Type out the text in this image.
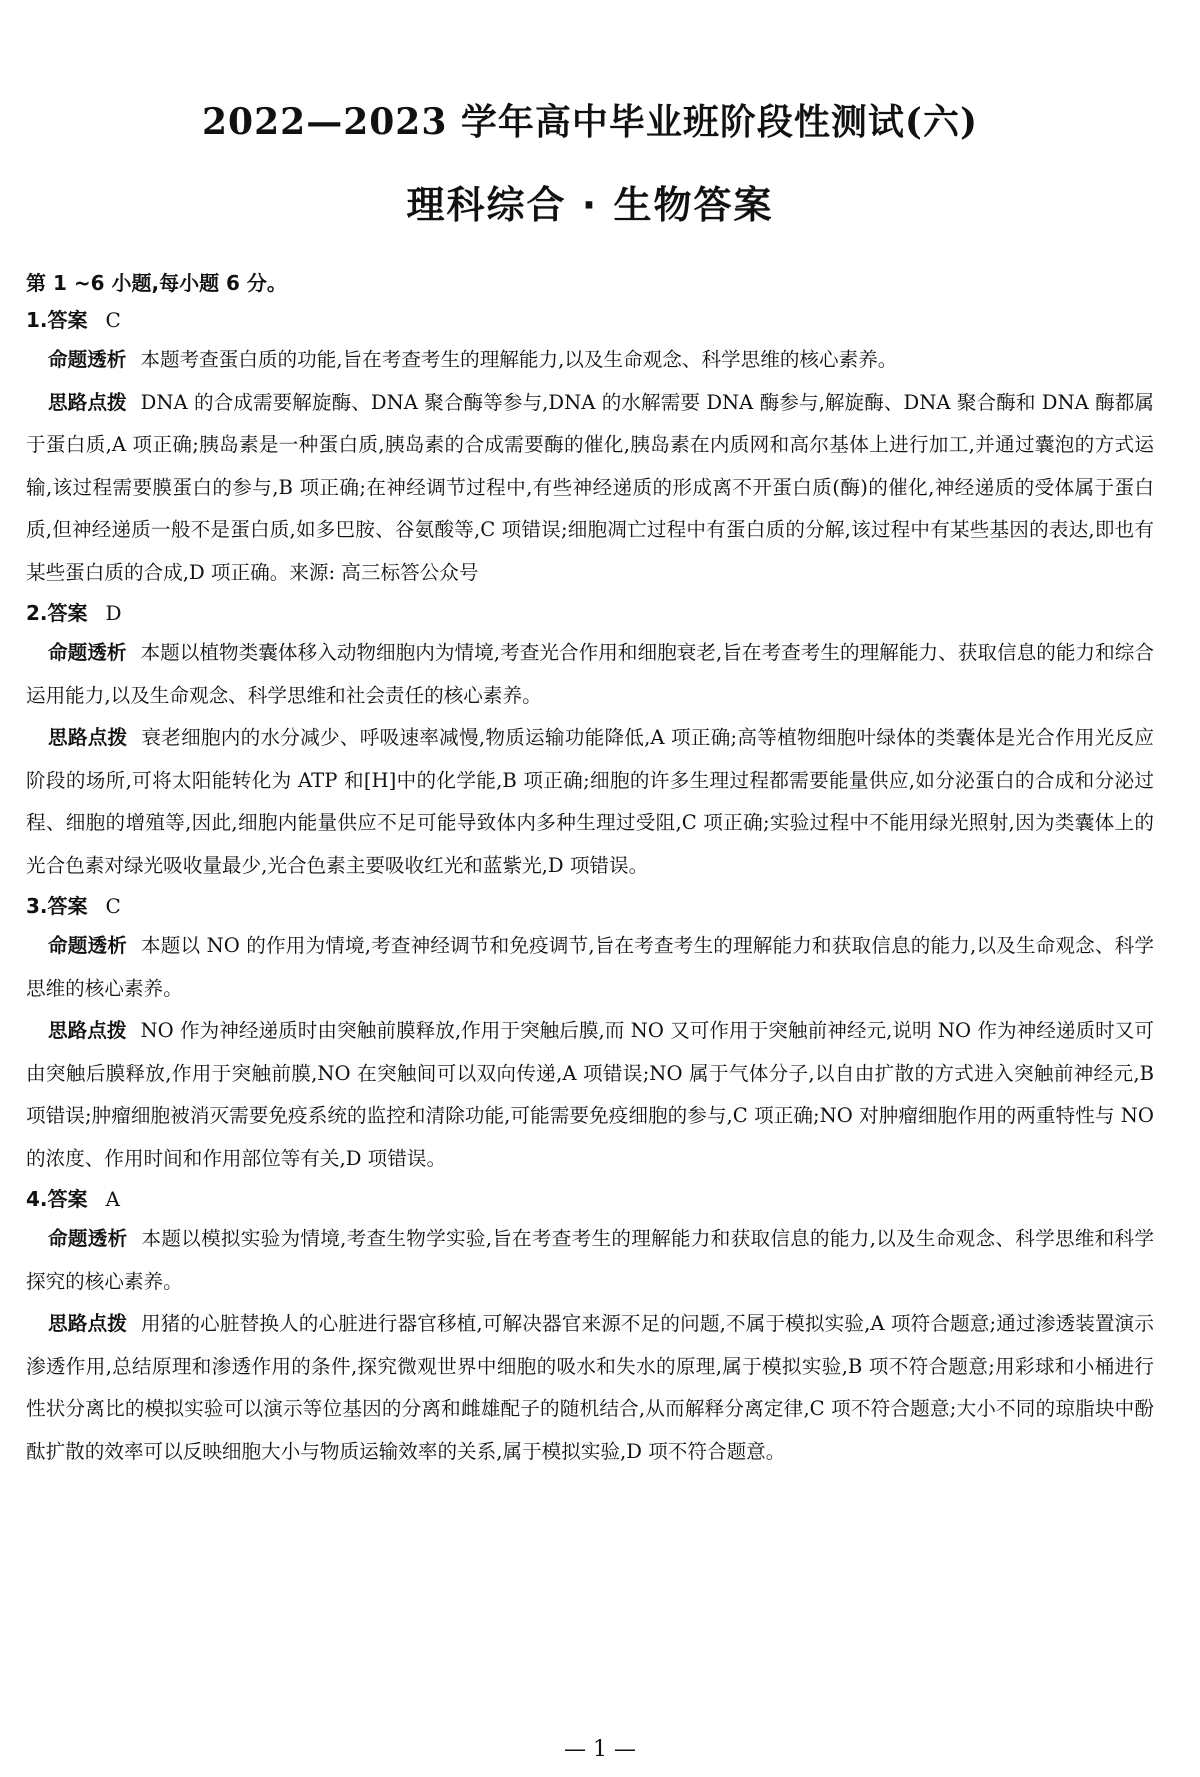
2022—2023 学年高中毕业班阶段性测试(六)
理科综合 · 生物答案
第 1 ~6 小题,每小题 6 分。
1.答案 C

命题透析 本题考查蛋白质的功能,旨在考查考生的理解能力,以及生命观念、科学思维的核心素养。

思路点拨 DNA 的合成需要解旋酶、DNA 聚合酶等参与,DNA 的水解需要 DNA 酶参与,解旋酶、DNA 聚合酶和 DNA 酶都属于蛋白质,A 项正确;胰岛素是一种蛋白质,胰岛素的合成需要酶的催化,胰岛素在内质网和高尔基体上进行加工,并通过囊泡的方式运输,该过程需要膜蛋白的参与,B 项正确;在神经调节过程中,有些神经递质的形成离不开蛋白质(酶)的催化,神经递质的受体属于蛋白质,但神经递质一般不是蛋白质,如多巴胺、谷氨酸等,C 项错误;细胞凋亡过程中有蛋白质的分解,该过程中有某些基因的表达,即也有某些蛋白质的合成,D 项正确。来源: 高三标答公众号

2.答案 D

命题透析 本题以植物类囊体移入动物细胞内为情境,考查光合作用和细胞衰老,旨在考查考生的理解能力、获取信息的能力和综合运用能力,以及生命观念、科学思维和社会责任的核心素养。

思路点拨 衰老细胞内的水分减少、呼吸速率减慢,物质运输功能降低,A 项正确;高等植物细胞叶绿体的类囊体是光合作用光反应阶段的场所,可将太阳能转化为 ATP 和[H]中的化学能,B 项正确;细胞的许多生理过程都需要能量供应,如分泌蛋白的合成和分泌过程、细胞的增殖等,因此,细胞内能量供应不足可能导致体内多种生理过受阻,C 项正确;实验过程中不能用绿光照射,因为类囊体上的光合色素对绿光吸收量最少,光合色素主要吸收红光和蓝紫光,D 项错误。

3.答案 C

命题透析 本题以 NO 的作用为情境,考查神经调节和免疫调节,旨在考查考生的理解能力和获取信息的能力,以及生命观念、科学思维的核心素养。

思路点拨 NO 作为神经递质时由突触前膜释放,作用于突触后膜,而 NO 又可作用于突触前神经元,说明 NO 作为神经递质时又可由突触后膜释放,作用于突触前膜,NO 在突触间可以双向传递,A 项错误;NO 属于气体分子,以自由扩散的方式进入突触前神经元,B 项错误;肿瘤细胞被消灭需要免疫系统的监控和清除功能,可能需要免疫细胞的参与,C 项正确;NO 对肿瘤细胞作用的两重特性与 NO 的浓度、作用时间和作用部位等有关,D 项错误。

4.答案 A

命题透析 本题以模拟实验为情境,考查生物学实验,旨在考查考生的理解能力和获取信息的能力,以及生命观念、科学思维和科学探究的核心素养。

思路点拨 用猪的心脏替换人的心脏进行器官移植,可解决器官来源不足的问题,不属于模拟实验,A 项符合题意;通过渗透装置演示渗透作用,总结原理和渗透作用的条件,探究微观世界中细胞的吸水和失水的原理,属于模拟实验,B 项不符合题意;用彩球和小桶进行性状分离比的模拟实验可以演示等位基因的分离和雌雄配子的随机结合,从而解释分离定律,C 项不符合题意;大小不同的琼脂块中酚酞扩散的效率可以反映细胞大小与物质运输效率的关系,属于模拟实验,D 项不符合题意。

— 1 —
